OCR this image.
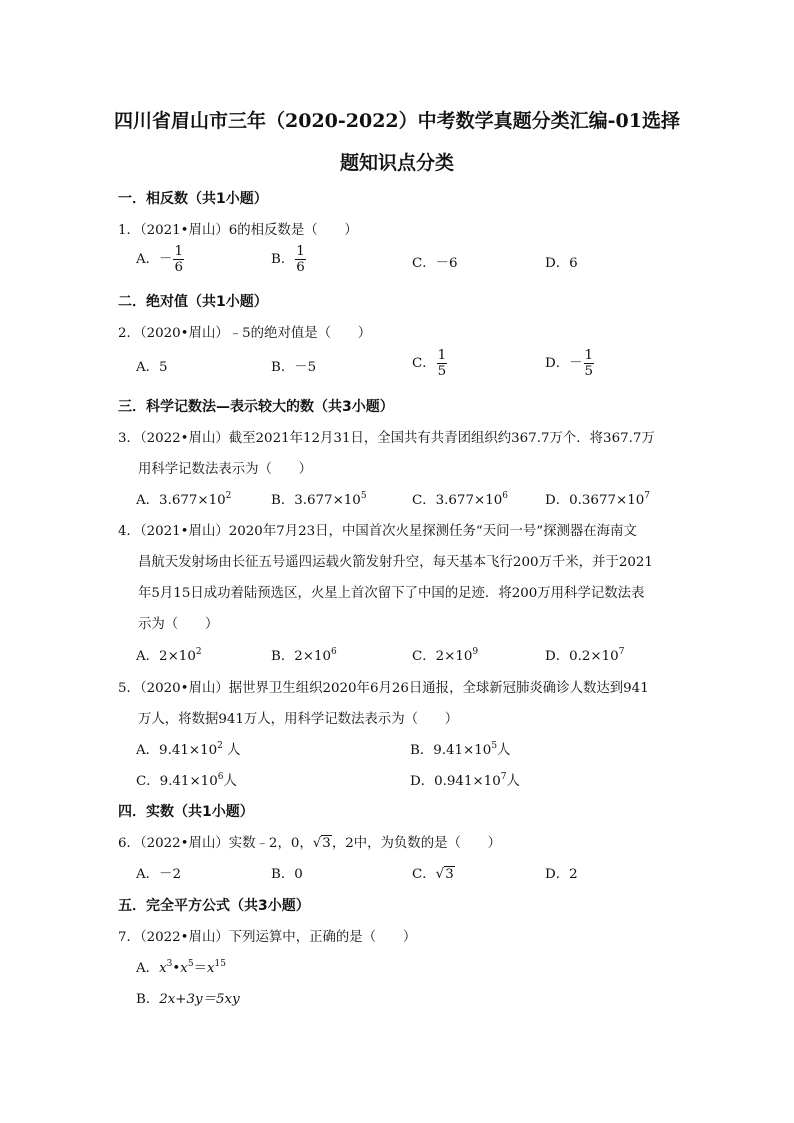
四川省眉山市三年（2020-2022）中考数学真题分类汇编-01选择
题知识点分类
一．相反数（共1小题）
1．（2021•眉山）6的相反数是（　　）
A．－ $\frac{1}{6}$	B． $\frac{1}{6}$	C．－6	D．6
二．绝对值（共1小题）
2．（2020•眉山）﹣5的绝对值是（　　）
A．5	B．－5	C． $\frac{1}{5}$	D．－ $\frac{1}{5}$
三．科学记数法—表示较大的数（共3小题）
3．（2022•眉山）截至2021年12月31日，全国共有共青团组织约367.7万个．将367.7万
用科学记数法表示为（　　）
A．$3.677\times 10^2$	B．$3.677\times 10^5$	C．$3.677\times 10^6$	D．$0.3677\times 10^7$
4．（2021•眉山）2020年7月23日，中国首次火星探测任务“天问一号”探测器在海南文
昌航天发射场由长征五号遥四运载火箭发射升空，每天基本飞行200万千米，并于2021
年5月15日成功着陆预选区，火星上首次留下了中国的足迹．将200万用科学记数法表
示为（　　）
A．$2\times 10^2$	B．$2\times 10^6$	C．$2\times 10^9$	D．$0.2\times 10^7$
5．（2020•眉山）据世界卫生组织2020年6月26日通报，全球新冠肺炎确诊人数达到941
万人，将数据941万人，用科学记数法表示为（　　）
A．$9.41\times 10^2$ 人	B．$9.41\times 10^5$人
C．$9.41\times 10^6$人	D．$0.941\times 10^7$人
四．实数（共1小题）
6．（2022•眉山）实数﹣2，0，√3，2中，为负数的是（　　）
A．－2	B．0	C．√3	D．2
五．完全平方公式（共3小题）
7．（2022•眉山）下列运算中，正确的是（　　）
A．$x^3•x^5=x^{15}$
B．2x+3y＝5xy
